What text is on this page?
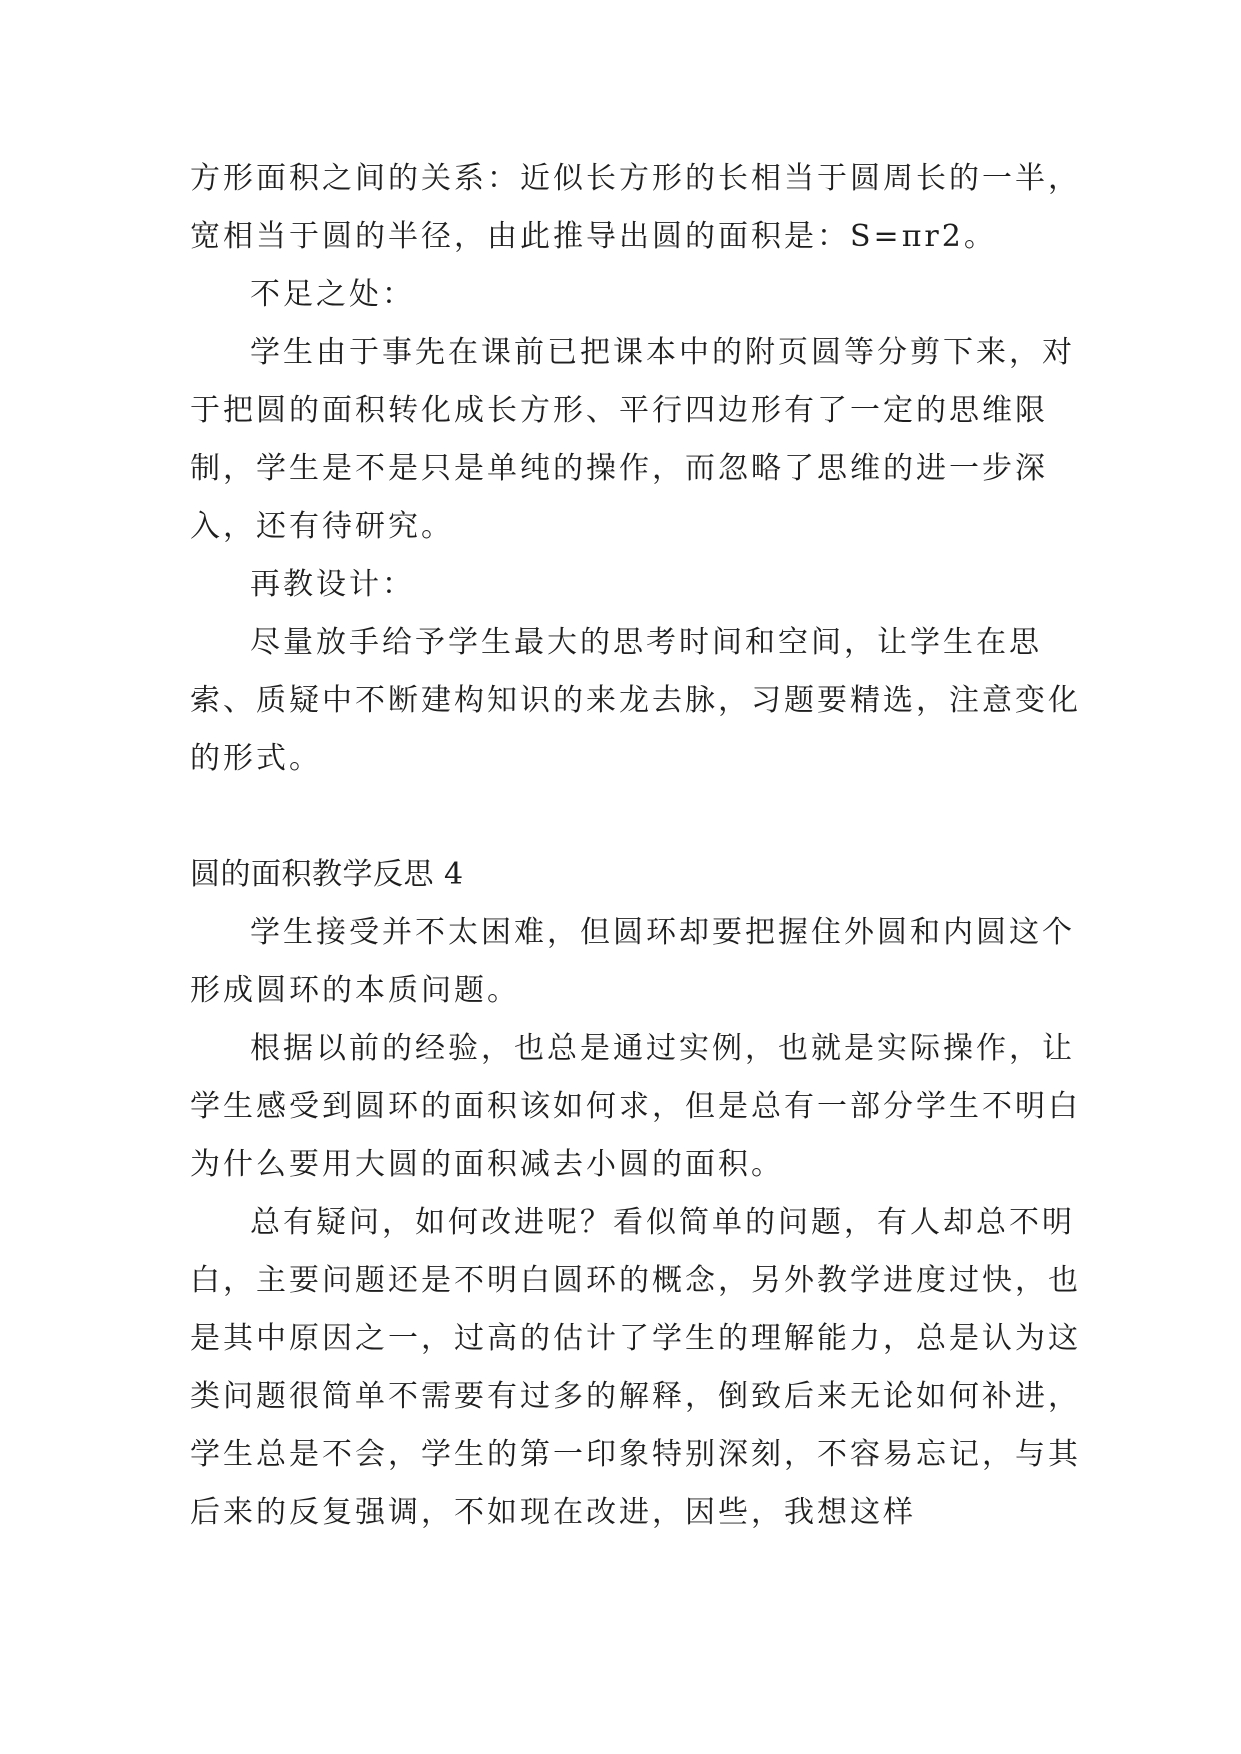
方形面积之间的关系：近似长方形的长相当于圆周长的一半，宽相当于圆的半径，由此推导出圆的面积是：S=πr2。

不足之处：

学生由于事先在课前已把课本中的附页圆等分剪下来，对于把圆的面积转化成长方形、平行四边形有了一定的思维限制，学生是不是只是单纯的操作，而忽略了思维的进一步深入，还有待研究。

再教设计：

尽量放手给予学生最大的思考时间和空间，让学生在思索、质疑中不断建构知识的来龙去脉，习题要精选，注意变化的形式。

圆的面积教学反思 4

学生接受并不太困难，但圆环却要把握住外圆和内圆这个形成圆环的本质问题。

根据以前的经验，也总是通过实例，也就是实际操作，让学生感受到圆环的面积该如何求，但是总有一部分学生不明白为什么要用大圆的面积减去小圆的面积。

总有疑问，如何改进呢？看似简单的问题，有人却总不明白，主要问题还是不明白圆环的概念，另外教学进度过快，也是其中原因之一，过高的估计了学生的理解能力，总是认为这类问题很简单不需要有过多的解释，倒致后来无论如何补进，学生总是不会，学生的第一印象特别深刻，不容易忘记，与其后来的反复强调，不如现在改进，因些，我想这样
